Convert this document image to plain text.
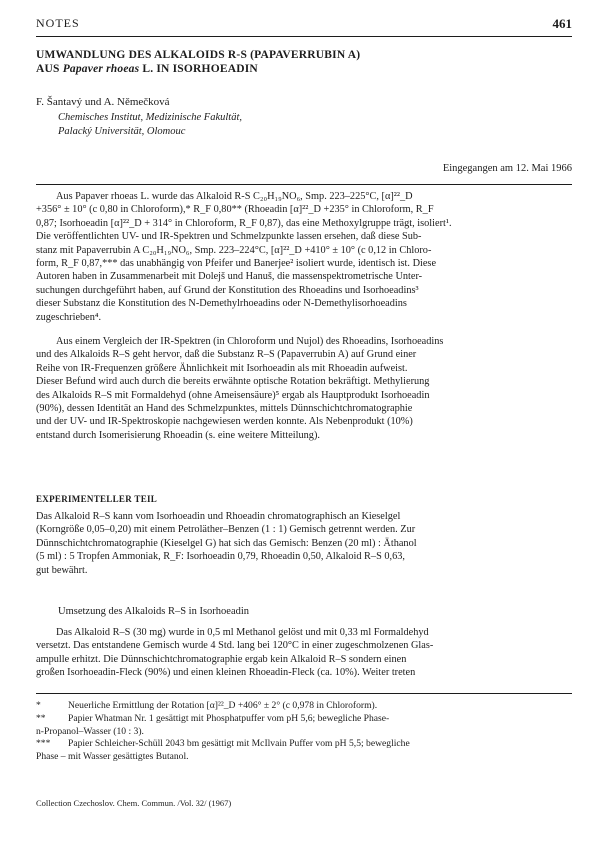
NOTES	461
UMWANDLUNG DES ALKALOIDS R-S (PAPAVERRUBIN A)
AUS Papaver rhoeas L. IN ISORHOEADIN
F. Šantavý und A. Němečková
Chemisches Institut, Medizinische Fakultät,
Palacký Universität, Olomouc
Eingegangen am 12. Mai 1966
Aus Papaver rhoeas L. wurde das Alkaloid R-S C₂₀H₁₉NO₆, Smp. 223–225°C, [α]²²_D
+356° ± 10° (c 0,80 in Chloroform),* R_F 0,80** (Rhoeadin [α]²²_D +235° in Chloroform, R_F
0,87; Isorhoeadin [α]²²_D + 314° in Chloroform, R_F 0,87), das eine Methoxylgruppe trägt, isoliert¹.
Die veröffentlichten UV- und IR-Spektren und Schmelzpunkte lassen ersehen, daß diese Sub-
stanz mit Papaverrubin A C₂₀H₁₉NO₆, Smp. 223–224°C, [α]²²_D +410° ± 10° (c 0,12 in Chloro-
form, R_F 0,87,*** das unabhängig von Pfeifer und Banerjee² isoliert wurde, identisch ist. Diese
Autoren haben in Zusammenarbeit mit Dolejš und Hanuš, die massenspektrometrische Unter-
suchungen durchgeführt haben, auf Grund der Konstitution des Rhoeadins und Isorhoeadins³
dieser Substanz die Konstitution des N-Demethylrhoeadins oder N-Demethylisorhoeadins
zugeschrieben⁴.
Aus einem Vergleich der IR-Spektren (in Chloroform und Nujol) des Rhoeadins, Isorhoeadins
und des Alkaloids R–S geht hervor, daß die Substanz R–S (Papaverrubin A) auf Grund einer
Reihe von IR-Frequenzen größere Ähnlichkeit mit Isorhoeadin als mit Rhoeadin aufweist.
Dieser Befund wird auch durch die bereits erwähnte optische Rotation bekräftigt. Methylierung
des Alkaloids R–S mit Formaldehyd (ohne Ameisensäure)⁵ ergab als Hauptprodukt Isorhoeadin
(90%), dessen Identität an Hand des Schmelzpunktes, mittels Dünnschichtchromatographie
und der UV- und IR-Spektroskopie nachgewiesen werden konnte. Als Nebenprodukt (10%)
entstand durch Isomerisierung Rhoeadin (s. eine weitere Mitteilung).
EXPERIMENTELLER TEIL
Das Alkaloid R–S kann vom Isorhoeadin und Rhoeadin chromatographisch an Kieselgel
(Korngröße 0,05–0,20) mit einem Petroläther–Benzen (1 : 1) Gemisch getrennt werden. Zur
Dünnschichtchromatographie (Kieselgel G) hat sich das Gemisch: Benzen (20 ml) : Äthanol
(5 ml) : 5 Tropfen Ammoniak, R_F: Isorhoeadin 0,79, Rhoeadin 0,50, Alkaloid R–S 0,63,
gut bewährt.
Umsetzung des Alkaloids R–S in Isorhoeadin
Das Alkaloid R–S (30 mg) wurde in 0,5 ml Methanol gelöst und mit 0,33 ml Formaldehyd
versetzt. Das entstandene Gemisch wurde 4 Std. lang bei 120°C in einer zugeschmolzenen Glas-
ampulle erhitzt. Die Dünnschichtchromatographie ergab kein Alkaloid R–S sondern einen
großen Isorhoeadin-Fleck (90%) und einen kleinen Rhoeadin-Fleck (ca. 10%). Weiter treten
*	Neuerliche Ermittlung der Rotation [α]²²_D +406° ± 2° (c 0,978 in Chloroform).
** Papier Whatman Nr. 1 gesättigt mit Phosphatpuffer vom pH 5,6; bewegliche Phase-
n-Propanol–Wasser (10 : 3).
*** Papier Schleicher-Schüll 2043 bm gesättigt mit McIlvain Puffer vom pH 5,5; bewegliche
Phase – mit Wasser gesättigtes Butanol.
Collection Czechoslov. Chem. Commun. /Vol. 32/ (1967)
